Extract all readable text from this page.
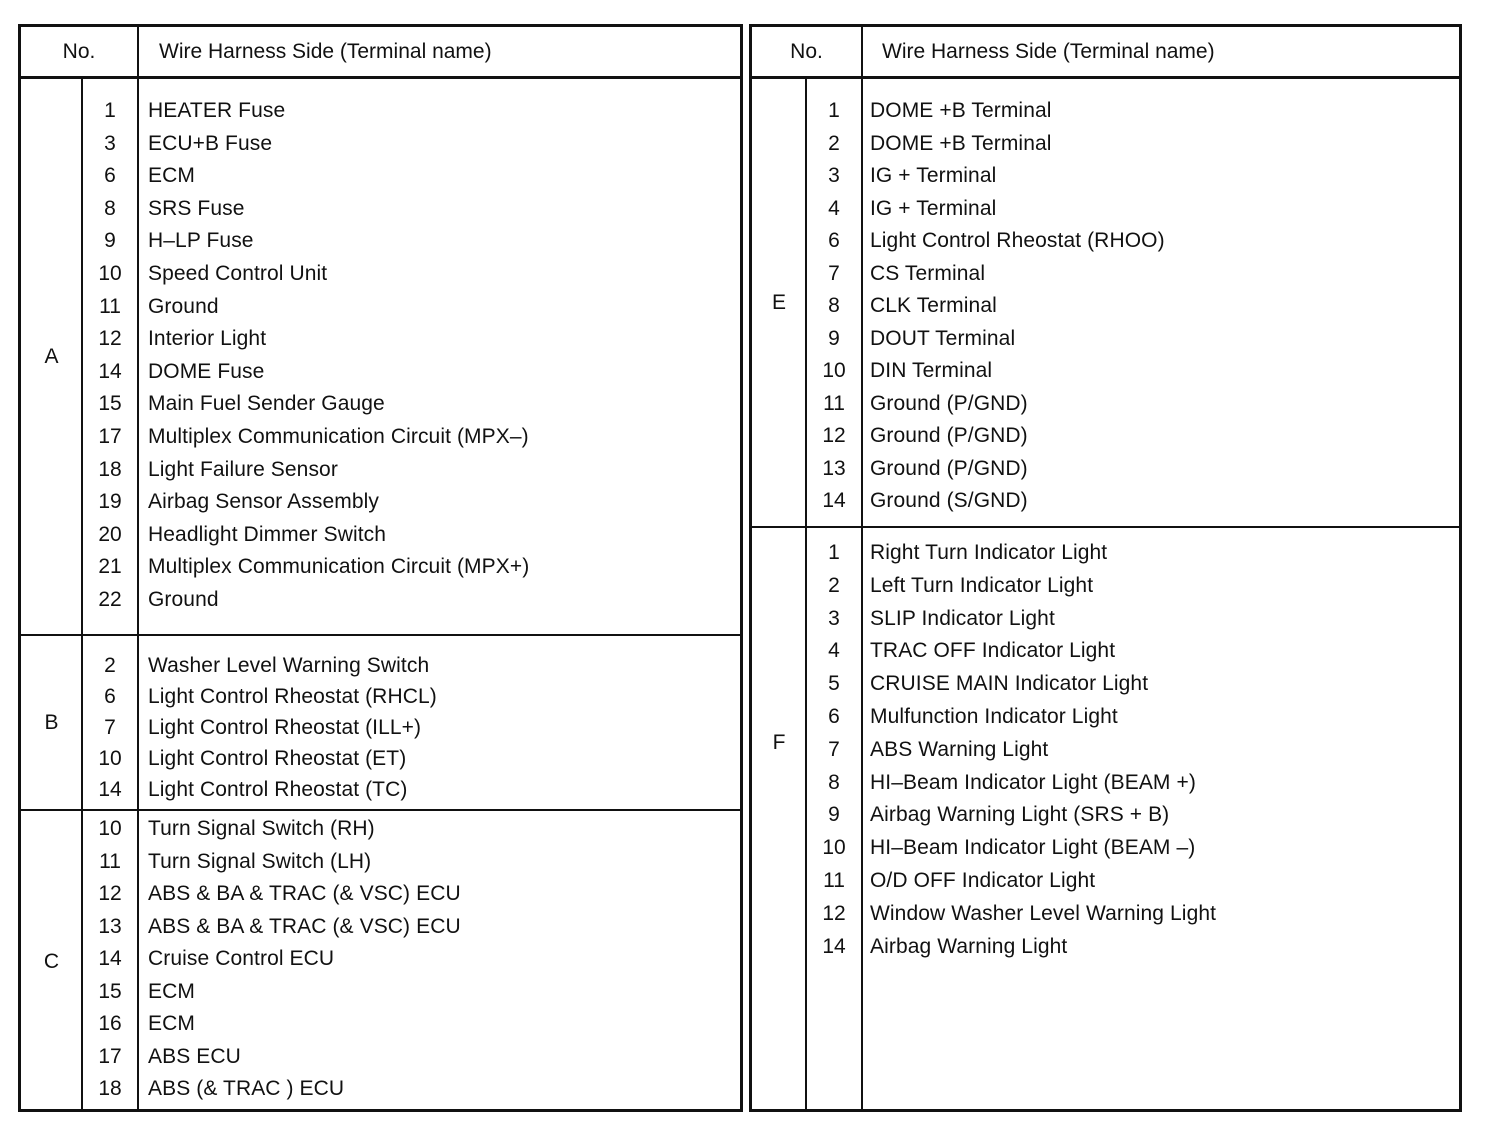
No.	Wire Harness Side (Terminal name)
A
1	HEATER Fuse
3	ECU+B Fuse
6	ECM
8	SRS Fuse
9	H–LP Fuse
10	Speed Control Unit
11	Ground
12	Interior Light
14	DOME Fuse
15	Main Fuel Sender Gauge
17	Multiplex Communication Circuit (MPX–)
18	Light Failure Sensor
19	Airbag Sensor Assembly
20	Headlight Dimmer Switch
21	Multiplex Communication Circuit (MPX+)
22	Ground
B
2	Washer Level Warning Switch
6	Light Control Rheostat (RHCL)
7	Light Control Rheostat (ILL+)
10	Light Control Rheostat (ET)
14	Light Control Rheostat (TC)
C
10	Turn Signal Switch (RH)
11	Turn Signal Switch (LH)
12	ABS & BA & TRAC (& VSC) ECU
13	ABS & BA & TRAC (& VSC) ECU
14	Cruise Control ECU
15	ECM
16	ECM
17	ABS ECU
18	ABS (& TRAC ) ECU
No.	Wire Harness Side (Terminal name)
E
1	DOME +B Terminal
2	DOME +B Terminal
3	IG + Terminal
4	IG + Terminal
6	Light Control Rheostat (RHOO)
7	CS Terminal
8	CLK Terminal
9	DOUT Terminal
10	DIN Terminal
11	Ground (P/GND)
12	Ground (P/GND)
13	Ground (P/GND)
14	Ground (S/GND)
F
1	Right Turn Indicator Light
2	Left Turn Indicator Light
3	SLIP Indicator Light
4	TRAC OFF Indicator Light
5	CRUISE MAIN Indicator Light
6	Mulfunction Indicator Light
7	ABS Warning Light
8	HI–Beam Indicator Light (BEAM +)
9	Airbag Warning Light (SRS + B)
10	HI–Beam Indicator Light (BEAM –)
11	O/D OFF Indicator Light
12	Window Washer Level Warning Light
14	Airbag Warning Light
